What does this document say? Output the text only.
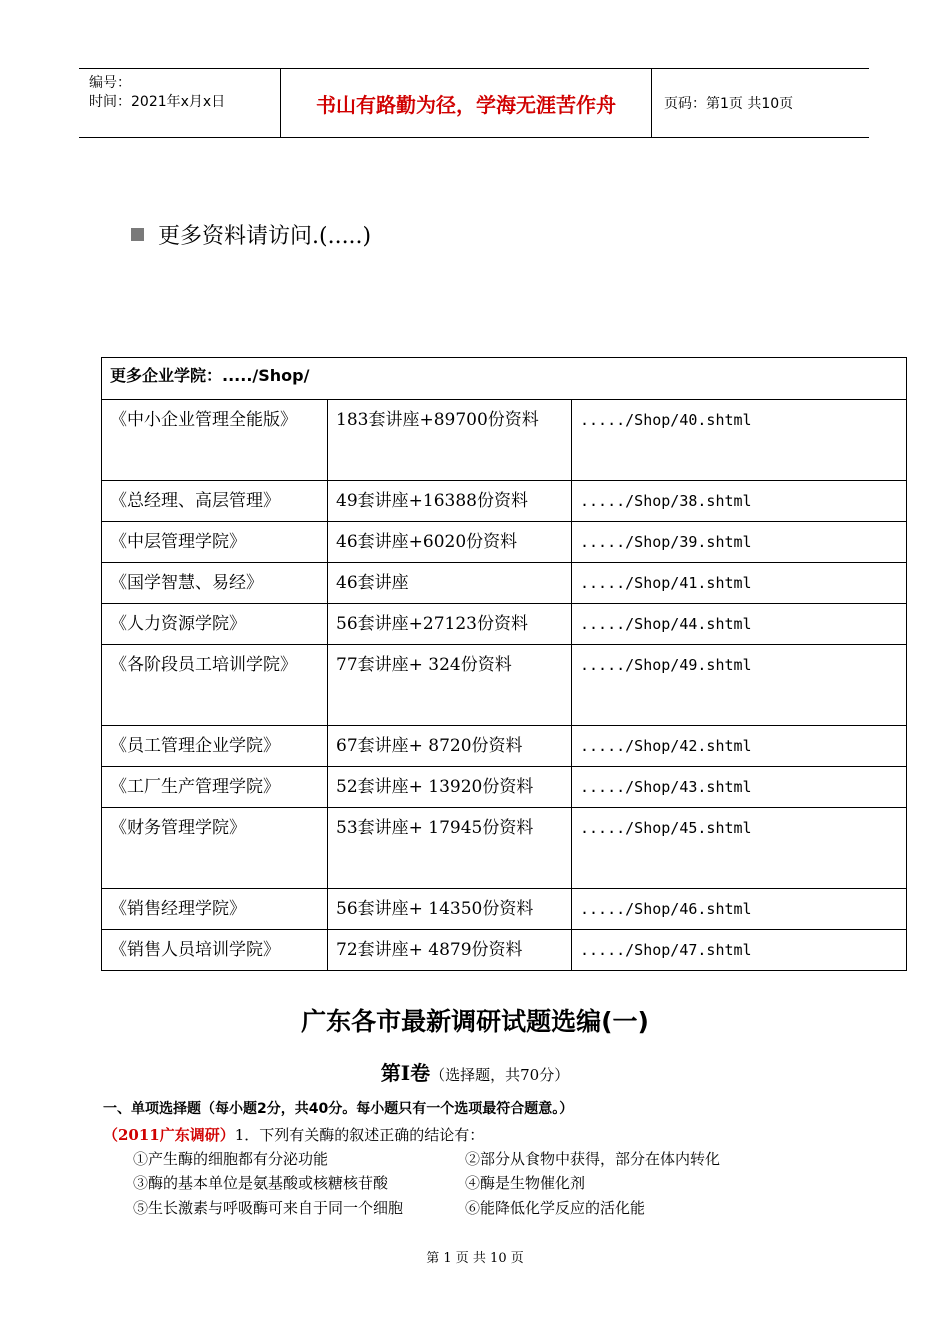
编号：
时间：2021年x月x日	书山有路勤为径，学海无涯苦作舟	页码：第1页 共10页
更多资料请访问.(.....)
更多企业学院：...../Shop/		
《中小企业管理全能版》	183套讲座+89700份资料	...../Shop/40.shtml
《总经理、高层管理》	49套讲座+16388份资料	...../Shop/38.shtml
《中层管理学院》	46套讲座+6020份资料	...../Shop/39.shtml
《国学智慧、易经》	46套讲座	...../Shop/41.shtml
《人力资源学院》	56套讲座+27123份资料	...../Shop/44.shtml
《各阶段员工培训学院》	77套讲座+ 324份资料	...../Shop/49.shtml
《员工管理企业学院》	67套讲座+ 8720份资料	...../Shop/42.shtml
《工厂生产管理学院》	52套讲座+ 13920份资料	...../Shop/43.shtml
《财务管理学院》	53套讲座+ 17945份资料	...../Shop/45.shtml
《销售经理学院》	56套讲座+ 14350份资料	...../Shop/46.shtml
《销售人员培训学院》	72套讲座+ 4879份资料	...../Shop/47.shtml
广东各市最新调研试题选编(一)
第Ⅰ卷（选择题，共70分）
一、单项选择题（每小题2分，共40分。每小题只有一个选项最符合题意。）
（2011广东调研）1．下列有关酶的叙述正确的结论有：
①产生酶的细胞都有分泌功能	②部分从食物中获得，部分在体内转化
③酶的基本单位是氨基酸或核糖核苷酸	④酶是生物催化剂
⑤生长激素与呼吸酶可来自于同一个细胞	⑥能降低化学反应的活化能
第 1 页 共 10 页
